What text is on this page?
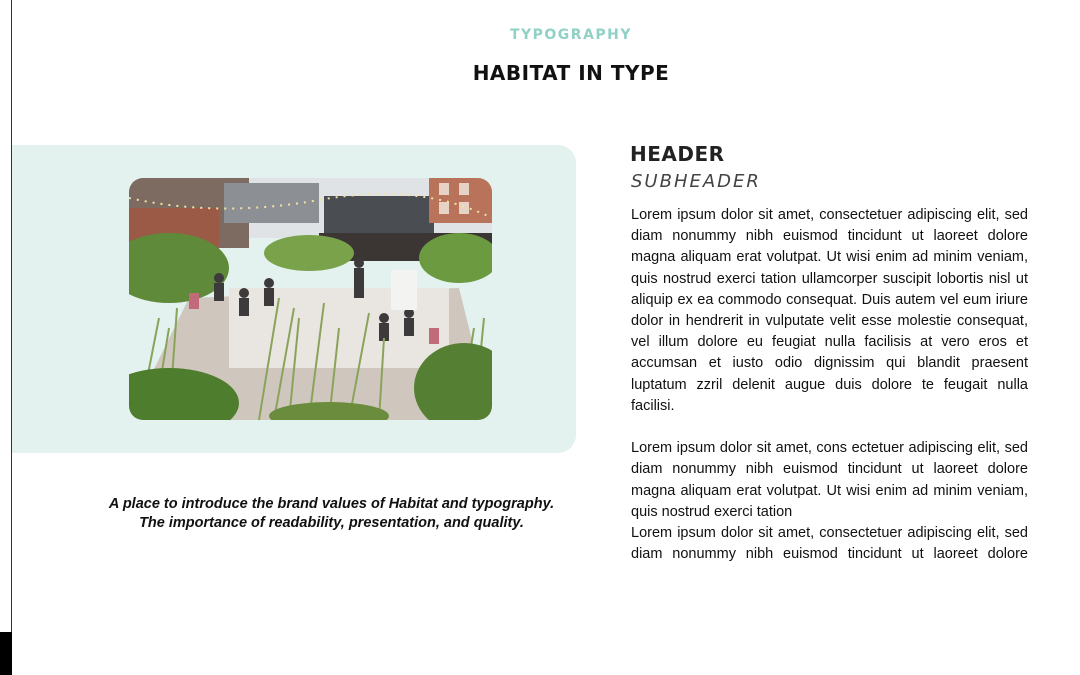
TYPOGRAPHY
HABITAT IN TYPE
A place to introduce the brand values of Habitat and typography.
The importance of readability, presentation, and quality.
HEADER
SUBHEADER

Lorem ipsum dolor sit amet, consectetuer adipiscing elit, sed diam nonummy nibh euismod tincidunt ut laoreet dolore magna aliquam erat volutpat. Ut wisi enim ad minim veniam, quis nostrud exerci tation ullamcorper suscipit lobortis nisl ut aliquip ex ea commodo consequat. Duis autem vel eum iriure dolor in hendrerit in vulputate velit esse molestie consequat, vel illum dolore eu feugiat nulla facilisis at vero eros et accumsan et iusto odio dignissim qui blandit praesent luptatum zzril delenit augue duis dolore te feugait nulla facilisi.

Lorem ipsum dolor sit amet, cons ectetuer adipiscing elit, sed diam nonummy nibh euismod tincidunt ut laoreet dolore magna aliquam erat volutpat. Ut wisi enim ad minim veniam, quis nostrud exerci tation

Lorem ipsum dolor sit amet, consectetuer adipiscing elit, sed diam nonummy nibh euismod tincidunt ut laoreet dolore
